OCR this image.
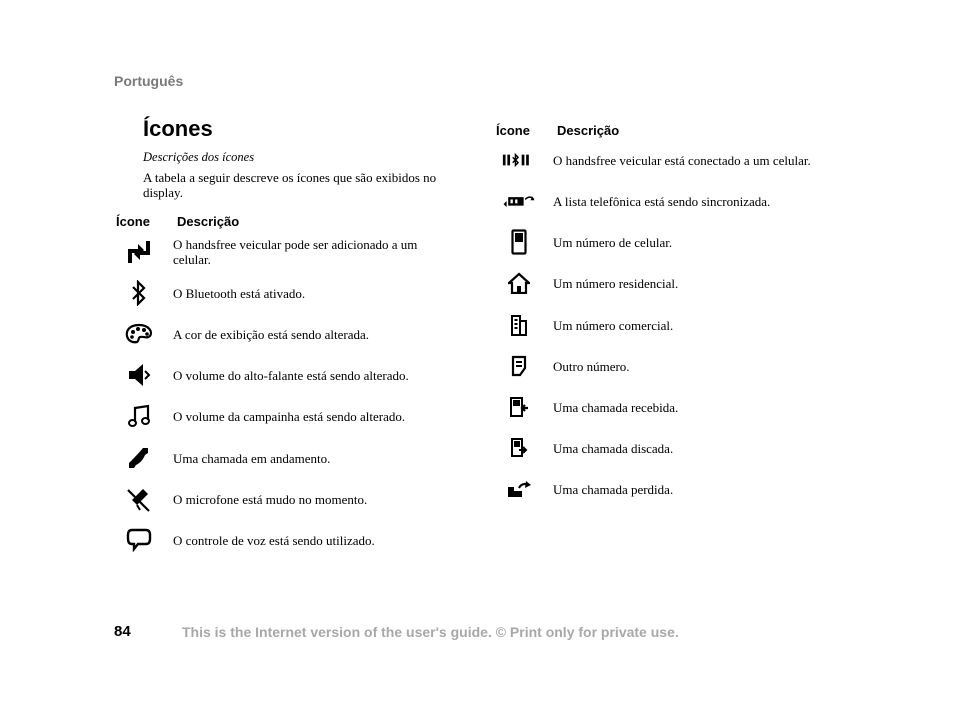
Português
Ícones
Descrições dos ícones
A tabela a seguir descreve os ícones que são exibidos no display.
Ícone Descrição
O handsfree veicular pode ser adicionado a um celular.
O Bluetooth está ativado.
A cor de exibição está sendo alterada.
O volume do alto-falante está sendo alterado.
O volume da campainha está sendo alterado.
Uma chamada em andamento.
O microfone está mudo no momento.
O controle de voz está sendo utilizado.
Ícone Descrição
O handsfree veicular está conectado a um celular.
A lista telefônica está sendo sincronizada.
Um número de celular.
Um número residencial.
Um número comercial.
Outro número.
Uma chamada recebida.
Uma chamada discada.
Uma chamada perdida.
84	This is the Internet version of the user's guide. © Print only for private use.
